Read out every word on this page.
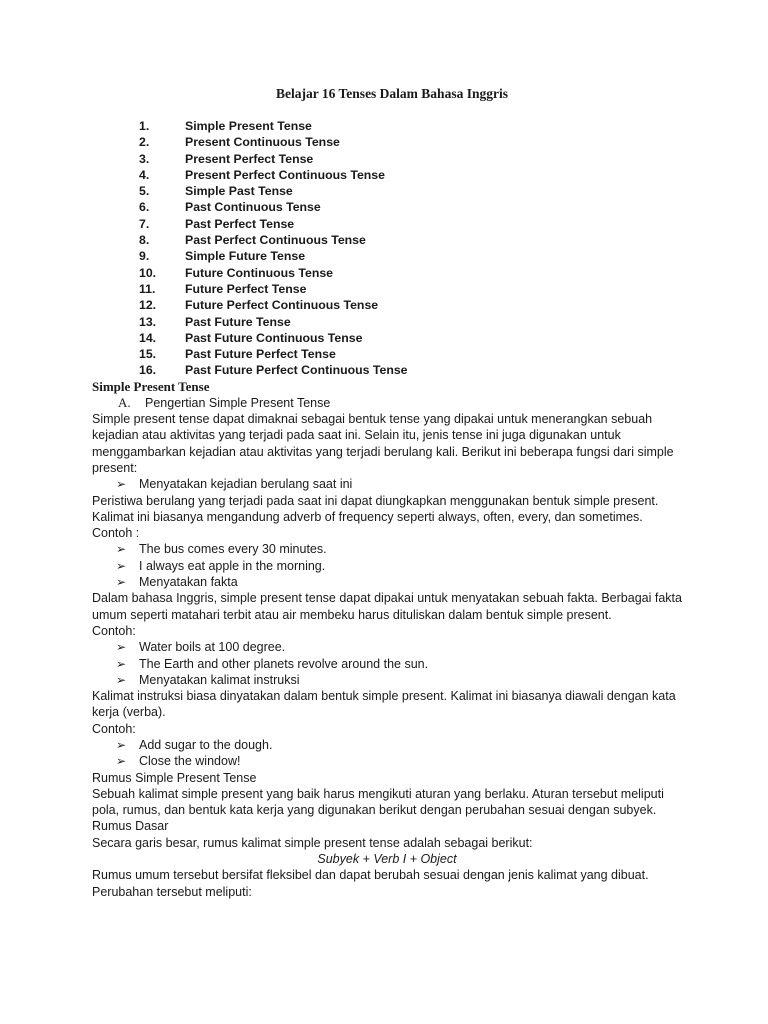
Belajar 16 Tenses Dalam Bahasa Inggris
1.	Simple Present Tense
2.	Present Continuous Tense
3.	Present Perfect Tense
4.	Present Perfect Continuous Tense
5.	Simple Past Tense
6.	Past Continuous Tense
7.	Past Perfect Tense
8.	Past Perfect Continuous Tense
9.	Simple Future Tense
10.	Future Continuous Tense
11.	Future Perfect Tense
12.	Future Perfect Continuous Tense
13.	Past Future Tense
14.	Past Future Continuous Tense
15.	Past Future Perfect Tense
16.	Past Future Perfect Continuous Tense
Simple Present Tense

A. Pengertian Simple Present Tense

Simple present tense dapat dimaknai sebagai bentuk tense yang dipakai untuk menerangkan sebuah kejadian atau aktivitas yang terjadi pada saat ini. Selain itu, jenis tense ini juga digunakan untuk menggambarkan kejadian atau aktivitas yang terjadi berulang kali. Berikut ini beberapa fungsi dari simple present:

➢ Menyatakan kejadian berulang saat ini

Peristiwa berulang yang terjadi pada saat ini dapat diungkapkan menggunakan bentuk simple present. Kalimat ini biasanya mengandung adverb of frequency seperti always, often, every, dan sometimes.

Contoh :

➢ The bus comes every 30 minutes.
➢ I always eat apple in the morning.
➢ Menyatakan fakta

Dalam bahasa Inggris, simple present tense dapat dipakai untuk menyatakan sebuah fakta. Berbagai fakta umum seperti matahari terbit atau air membeku harus dituliskan dalam bentuk simple present.

Contoh:

➢ Water boils at 100 degree.
➢ The Earth and other planets revolve around the sun.
➢ Menyatakan kalimat instruksi

Kalimat instruksi biasa dinyatakan dalam bentuk simple present. Kalimat ini biasanya diawali dengan kata kerja (verba).

Contoh:

➢ Add sugar to the dough.
➢ Close the window!

Rumus Simple Present Tense

Sebuah kalimat simple present yang baik harus mengikuti aturan yang berlaku. Aturan tersebut meliputi pola, rumus, dan bentuk kata kerja yang digunakan berikut dengan perubahan sesuai dengan subyek.

Rumus Dasar

Secara garis besar, rumus kalimat simple present tense adalah sebagai berikut:

Subyek + Verb I + Object

Rumus umum tersebut bersifat fleksibel dan dapat berubah sesuai dengan jenis kalimat yang dibuat. Perubahan tersebut meliputi:
